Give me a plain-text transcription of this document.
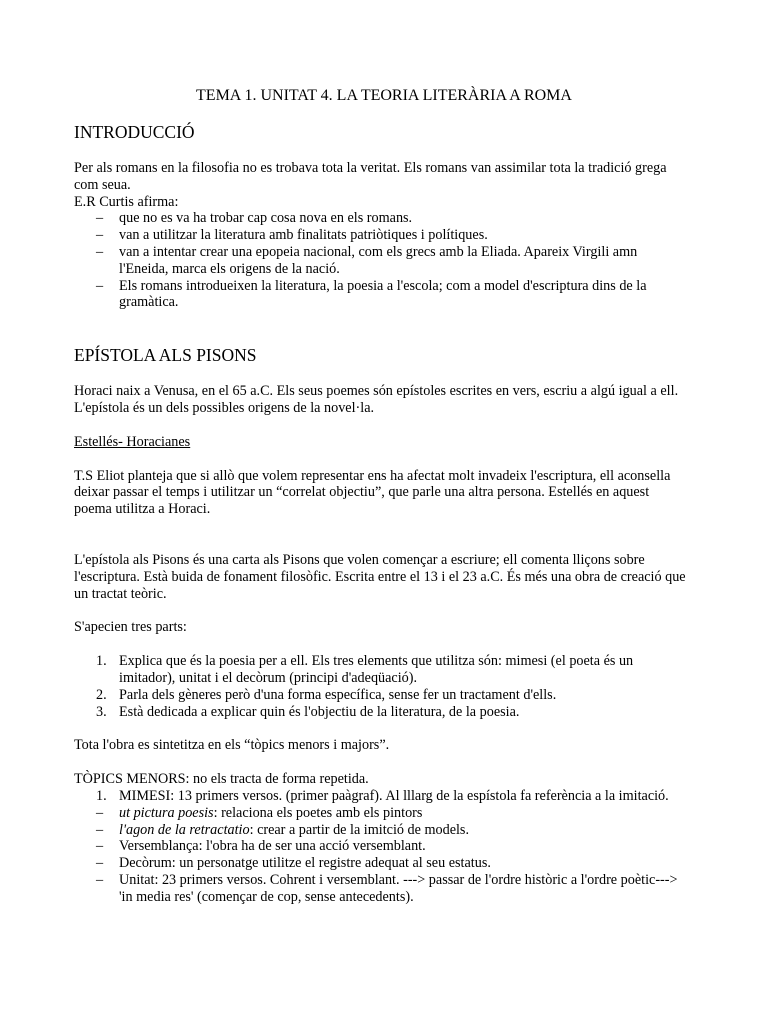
TEMA 1. UNITAT 4. LA TEORIA LITERÀRIA A ROMA
INTRODUCCIÓ

Per als romans en la filosofia no es trobava tota la veritat. Els romans van assimilar tota la tradició grega com seua.

E.R Curtis afirma:

– que no es va ha trobar cap cosa nova en els romans.
– van a utilitzar la literatura amb finalitats patriòtiques i polítiques.
– van a intentar crear una epopeia nacional, com els grecs amb la Eliada. Apareix Virgili amn l'Eneida, marca els origens de la nació.
– Els romans introdueixen la literatura, la poesia a l'escola; com a model d'escriptura dins de la gramàtica.
EPÍSTOLA ALS PISONS

Horaci naix a Venusa, en el 65 a.C. Els seus poemes són epístoles escrites en vers, escriu a algú igual a ell. L'epístola és un dels possibles origens de la novel·la.

Estellés- Horacianes

T.S Eliot planteja que si allò que volem representar ens ha afectat molt invadeix l'escriptura, ell aconsella deixar passar el temps i utilitzar un “correlat objectiu”, que parle una altra persona. Estellés en aquest poema utilitza a Horaci.

L'epístola als Pisons és una carta als Pisons que volen començar a escriure; ell comenta lliçons sobre l'escriptura. Està buida de fonament filosòfic. Escrita entre el 13 i el 23 a.C. És més una obra de creació que un tractat teòric.

S'apecien tres parts:

1. Explica que és la poesia per a ell. Els tres elements que utilitza són: mimesi (el poeta és un imitador), unitat i el decòrum (principi d'adeqüació).
2. Parla dels gèneres però d'una forma específica, sense fer un tractament d'ells.
3. Està dedicada a explicar quin és l'objectiu de la literatura, de la poesia.

Tota l'obra es sintetitza en els “tòpics menors i majors”.

TÒPICS MENORS: no els tracta de forma repetida.

1. MIMESI: 13 primers versos. (primer paàgraf). Al lllarg de la espístola fa referència a la imitació.
– ut pictura poesis: relaciona els poetes amb els pintors
– l'agon de la retractatio: crear a partir de la imitció de models.
– Versemblança: l'obra ha de ser una acció versemblant.
– Decòrum: un personatge utilitze el registre adequat al seu estatus.
– Unitat: 23 primers versos. Cohrent i versemblant. ---> passar de l'ordre històric a l'ordre poètic---> 'in media res' (començar de cop, sense antecedents).
